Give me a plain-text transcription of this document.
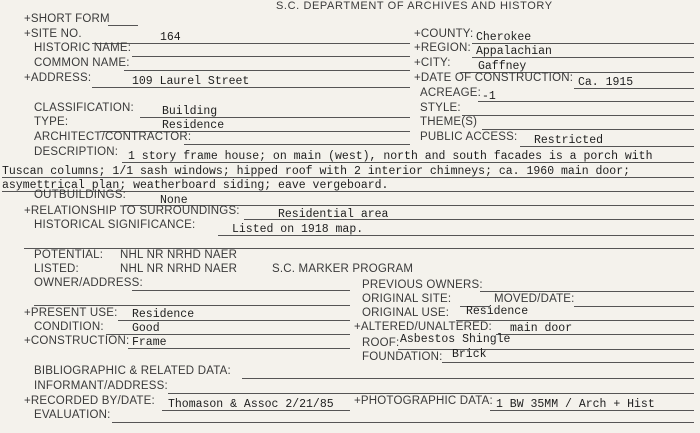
S.C. DEPARTMENT OF ARCHIVES AND HISTORY
+SHORT FORM
+SITE NO.	164	+COUNTY: Cherokee
HISTORIC NAME:	+REGION: Appalachian
COMMON NAME:	+CITY: Gaffney
+ADDRESS:	109 Laurel Street	+DATE OF CONSTRUCTION: Ca. 1915
ACREAGE: -1
CLASSIFICATION: Building	STYLE:
TYPE:	Residence	THEME(S)
ARCHITECT/CONTRACTOR:	PUBLIC ACCESS: Restricted
DESCRIPTION: 1 story frame house; on main (west), north and south facades is a porch with
Tuscan columns; 1/1 sash windows; hipped roof with 2 interior chimneys; ca. 1960 main door;
asymettrical plan; weatherboard siding; eave vergeboard.
OUTBUILDINGS:	None
+RELATIONSHIP TO SURROUNDINGS:	Residential area
HISTORICAL SIGNIFICANCE:	Listed on 1918 map.
POTENTIAL: NHL NR NRHD NAER
LISTED:	NHL NR NRHD NAER	S.C. MARKER PROGRAM
OWNER/ADDRESS:	PREVIOUS OWNERS:
ORIGINAL SITE:	MOVED/DATE:
ORIGINAL USE: Residence
+PRESENT USE: Residence
CONDITION: Good	+ALTERED/UNALTERED: main door
+CONSTRUCTION: Frame	ROOF: Asbestos Shingle
FOUNDATION: Brick
BIBLIOGRAPHIC & RELATED DATA:
INFORMANT/ADDRESS:
+RECORDED BY/DATE: Thomason & Assoc 2/21/85 +PHOTOGRAPHIC DATA: 1 BW 35MM / Arch + Hist
EVALUATION:
